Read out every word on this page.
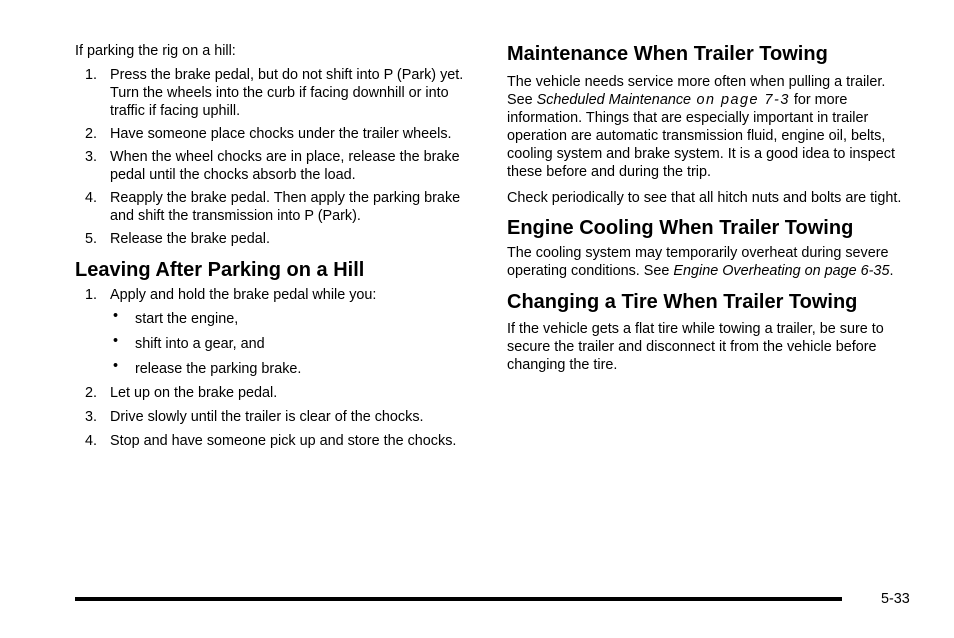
If parking the rig on a hill:

1. Press the brake pedal, but do not shift into P (Park) yet. Turn the wheels into the curb if facing downhill or into traffic if facing uphill.
2. Have someone place chocks under the trailer wheels.
3. When the wheel chocks are in place, release the brake pedal until the chocks absorb the load.
4. Reapply the brake pedal. Then apply the parking brake and shift the transmission into P (Park).
5. Release the brake pedal.
Leaving After Parking on a Hill
1. Apply and hold the brake pedal while you:
• start the engine,
• shift into a gear, and
• release the parking brake.
2. Let up on the brake pedal.
3. Drive slowly until the trailer is clear of the chocks.
4. Stop and have someone pick up and store the chocks.
Maintenance When Trailer Towing

The vehicle needs service more often when pulling a trailer. See Scheduled Maintenance on page 7-3 for more information. Things that are especially important in trailer operation are automatic transmission fluid, engine oil, belts, cooling system and brake system. It is a good idea to inspect these before and during the trip.

Check periodically to see that all hitch nuts and bolts are tight.

Engine Cooling When Trailer Towing

The cooling system may temporarily overheat during severe operating conditions. See Engine Overheating on page 6-35.

Changing a Tire When Trailer Towing

If the vehicle gets a flat tire while towing a trailer, be sure to secure the trailer and disconnect it from the vehicle before changing the tire.

5-33
